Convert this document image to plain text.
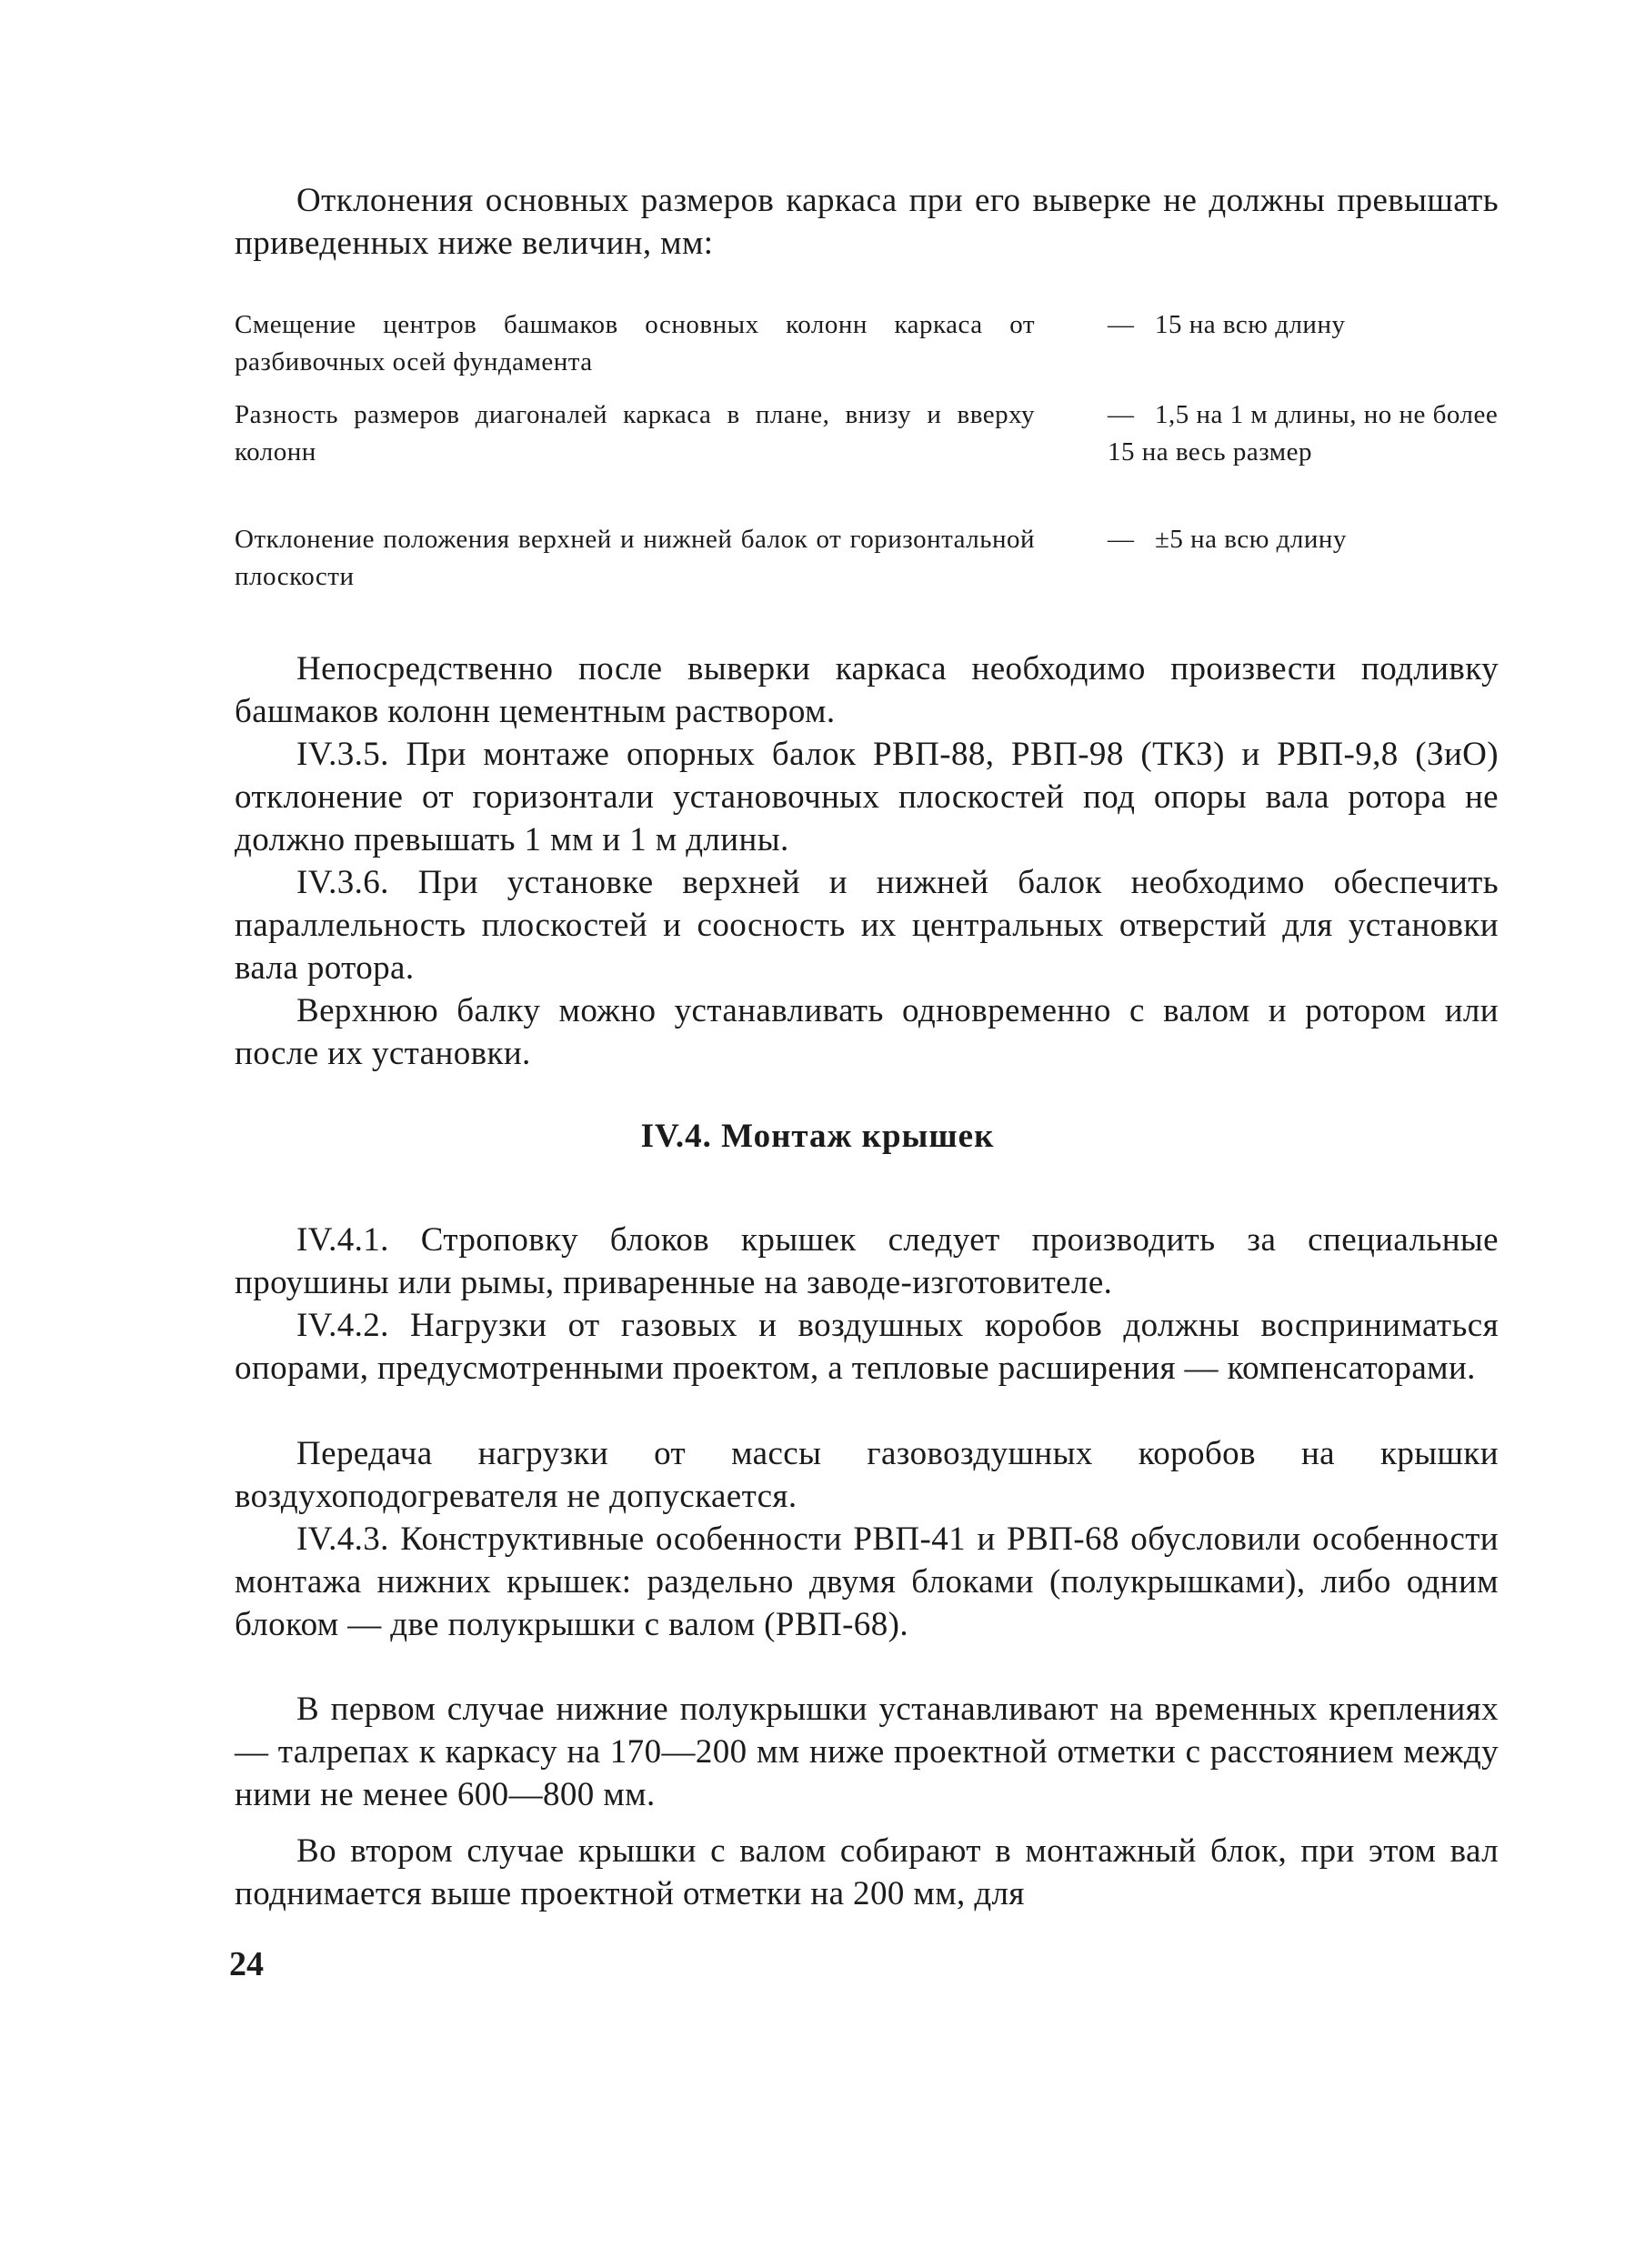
Отклонения основных размеров каркаса при его выверке не должны превышать приведенных ниже величин, мм:

Смещение центров башмаков основных колонн каркаса от разбивочных осей фундамента
— 15 на всю длину
Разность размеров диагоналей каркаса в плане, внизу и вверху колонн
— 1,5 на 1 м длины, но не более 15 на весь размер
Отклонение положения верхней и нижней балок от горизонтальной плоскости
— ±5 на всю длину

Непосредственно после выверки каркаса необходимо произвести подливку башмаков колонн цементным раствором.

IV.3.5. При монтаже опорных балок РВП-88, РВП-98 (ТКЗ) и РВП-9,8 (ЗиО) отклонение от горизонтали установочных плоскостей под опоры вала ротора не должно превышать 1 мм и 1 м длины.

IV.3.6. При установке верхней и нижней балок необходимо обеспечить параллельность плоскостей и соосность их центральных отверстий для установки вала ротора.

Верхнюю балку можно устанавливать одновременно с валом и ротором или после их установки.

IV.4. Монтаж крышек

IV.4.1. Строповку блоков крышек следует производить за специальные проушины или рымы, приваренные на заводе-изготовителе.

IV.4.2. Нагрузки от газовых и воздушных коробов должны восприниматься опорами, предусмотренными проектом, а тепловые расширения — компенсаторами.

Передача нагрузки от массы газовоздушных коробов на крышки воздухоподогревателя не допускается.

IV.4.3. Конструктивные особенности РВП-41 и РВП-68 обусловили особенности монтажа нижних крышек: раздельно двумя блоками (полукрышками), либо одним блоком — две полукрышки с валом (РВП-68).

В первом случае нижние полукрышки устанавливают на временных креплениях — талрепах к каркасу на 170—200 мм ниже проектной отметки с расстоянием между ними не менее 600—800 мм.

Во втором случае крышки с валом собирают в монтажный блок, при этом вал поднимается выше проектной отметки на 200 мм, для

24
